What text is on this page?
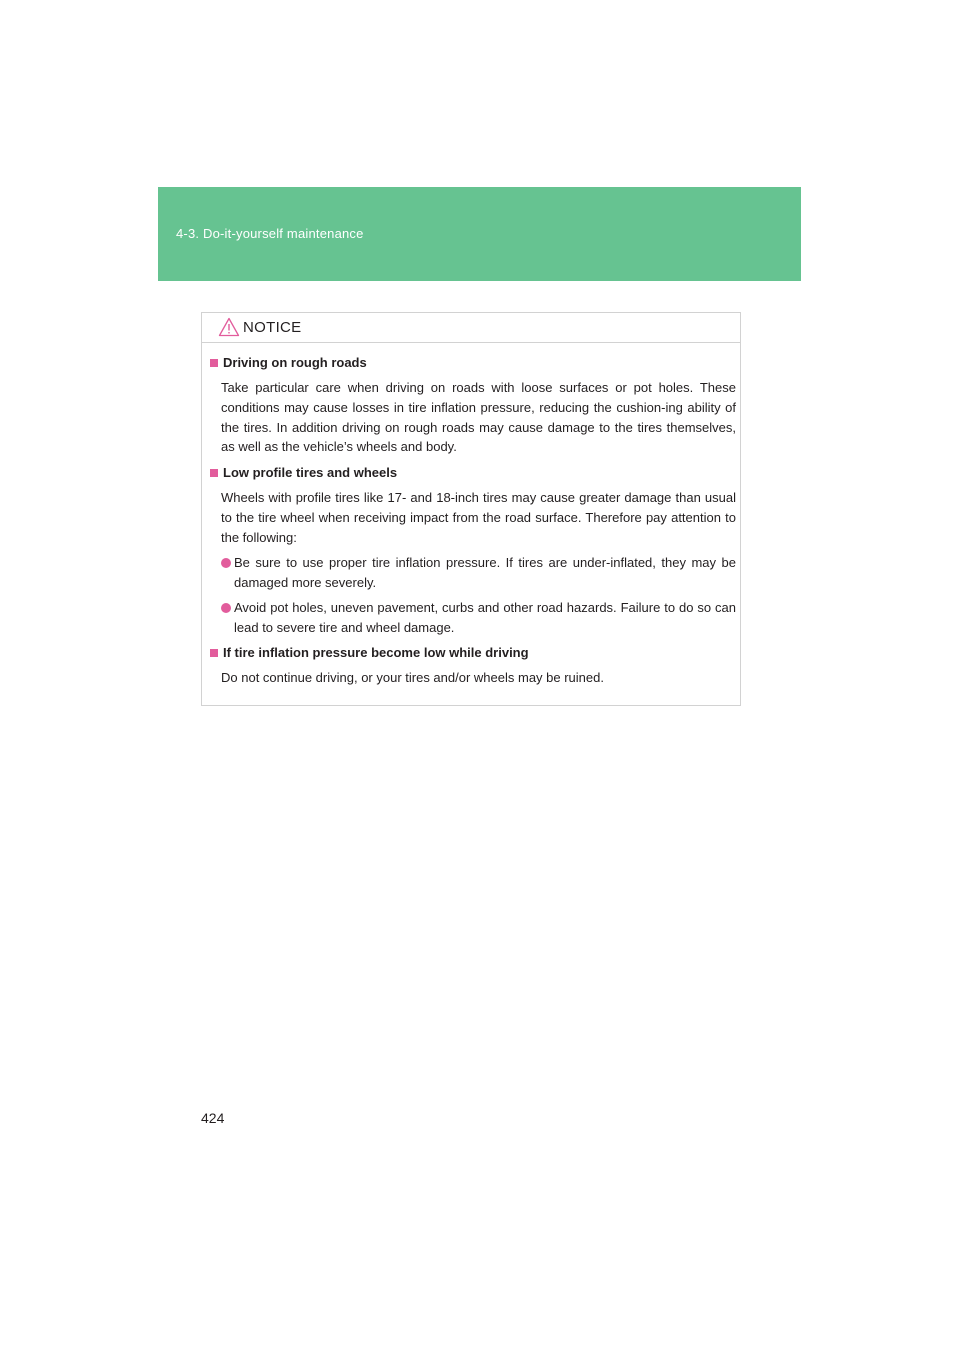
4-3. Do-it-yourself maintenance
NOTICE
Driving on rough roads
Take particular care when driving on roads with loose surfaces or pot holes. These conditions may cause losses in tire inflation pressure, reducing the cushion-ing ability of the tires. In addition driving on rough roads may cause damage to the tires themselves, as well as the vehicle’s wheels and body.
Low profile tires and wheels
Wheels with profile tires like 17- and 18-inch tires may cause greater damage than usual to the tire wheel when receiving impact from the road surface. Therefore pay attention to the following:
Be sure to use proper tire inflation pressure. If tires are under-inflated, they may be damaged more severely.
Avoid pot holes, uneven pavement, curbs and other road hazards. Failure to do so can lead to severe tire and wheel damage.
If tire inflation pressure become low while driving
Do not continue driving, or your tires and/or wheels may be ruined.
424
